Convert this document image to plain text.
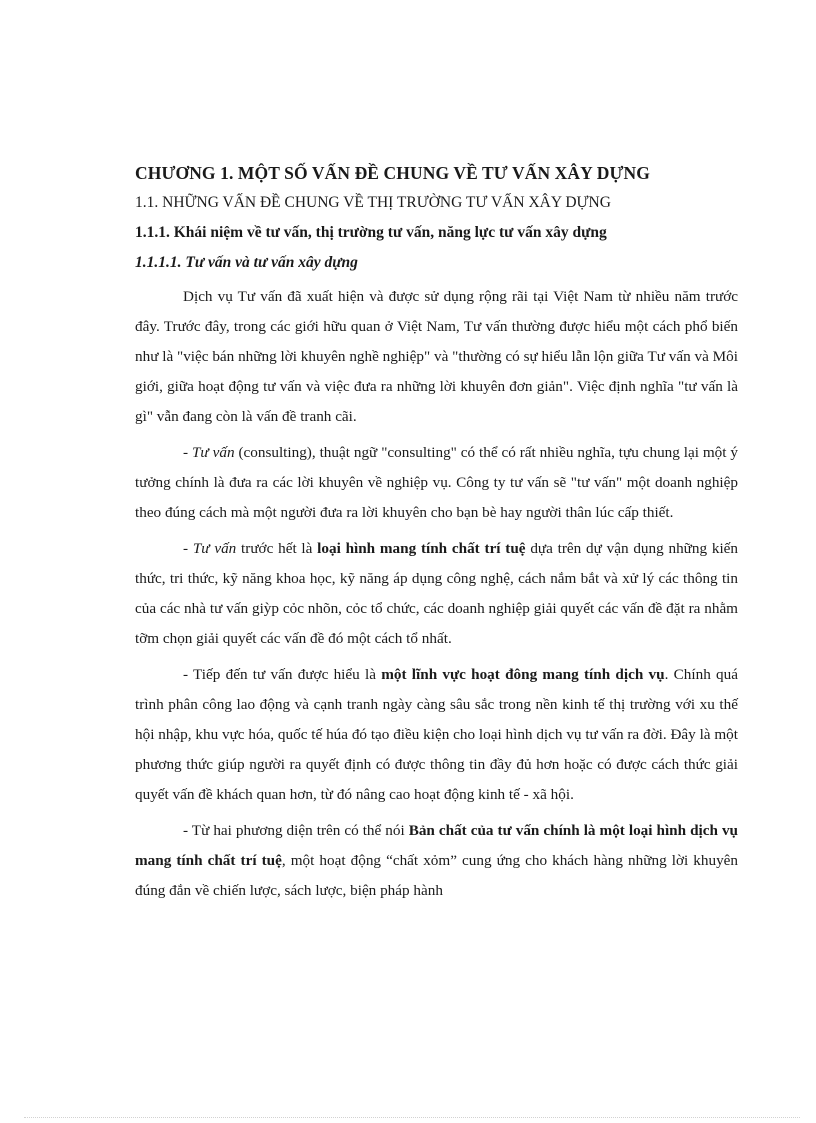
CHƯƠNG 1. MỘT SỐ VẤN ĐỀ CHUNG VỀ TƯ VẤN XÂY DỰNG

1.1. NHỮNG VẤN ĐỀ CHUNG VỀ THỊ TRƯỜNG TƯ VẤN XÂY DỰNG

1.1.1. Khái niệm về tư vấn, thị trường tư vấn, năng lực tư vấn xây dựng

1.1.1.1. Tư vấn và tư vấn xây dựng

Dịch vụ Tư vấn đã xuất hiện và được sử dụng rộng rãi tại Việt Nam từ nhiều năm trước đây. Trước đây, trong các giới hữu quan ở Việt Nam, Tư vấn thường được hiểu một cách phổ biến như là "việc bán những lời khuyên nghề nghiệp" và "thường có sự hiểu lẫn lộn giữa Tư vấn và Môi giới, giữa hoạt động tư vấn và việc đưa ra những lời khuyên đơn giản". Việc định nghĩa "tư vấn là gì" vẫn đang còn là vấn đề tranh cãi.

- Tư vấn (consulting), thuật ngữ "consulting" có thể có rất nhiều nghĩa, tựu chung lại một ý tưởng chính là đưa ra các lời khuyên về nghiệp vụ. Công ty tư vấn sẽ "tư vấn" một doanh nghiệp theo đúng cách mà một người đưa ra lời khuyên cho bạn bè hay người thân lúc cấp thiết.

- Tư vấn trước hết là loại hình mang tính chất trí tuệ dựa trên dự vận dụng những kiến thức, tri thức, kỹ năng khoa học, kỹ năng áp dụng công nghệ, cách nắm bắt và xử lý các thông tin của các nhà tư vấn giỳp cỏc nhõn, cỏc tổ chức, các doanh nghiệp giải quyết các vấn đề đặt ra nhằm tỡm chọn giải quyết các vấn đề đó một cách tổ nhất.

- Tiếp đến tư vấn được hiểu là một lĩnh vực hoạt đông mang tính dịch vụ. Chính quá trình phân công lao động và cạnh tranh ngày càng sâu sắc trong nền kinh tế thị trường với xu thế hội nhập, khu vực hóa, quốc tế húa đó tạo điều kiện cho loại hình dịch vụ tư vấn ra đời. Đây là một phương thức giúp người ra quyết định có được thông tin đầy đủ hơn hoặc có được cách thức giải quyết vấn đề khách quan hơn, từ đó nâng cao hoạt động kinh tế - xã hội.

- Từ hai phương diện trên có thể nói Bản chất của tư vấn chính là một loại hình dịch vụ mang tính chất trí tuệ, một hoạt động “chất xỏm” cung ứng cho khách hàng những lời khuyên đúng đắn về chiến lược, sách lược, biện pháp hành
